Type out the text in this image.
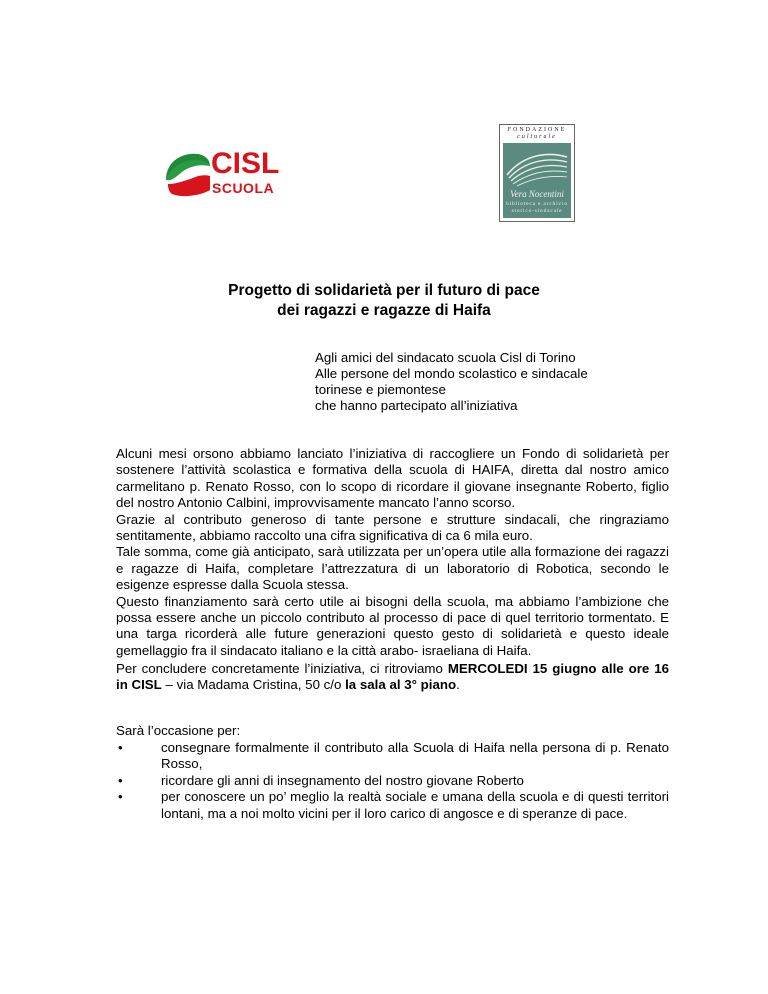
CISL
SCUOLA
FONDAZIONE
culturale
Vera Nocentini
biblioteca e archivio
storico-sindacale
Progetto di solidarietà per il futuro di pace
dei ragazzi e ragazze di Haifa
Agli amici del sindacato scuola Cisl di Torino
Alle persone del mondo scolastico e sindacale
torinese e piemontese
che hanno partecipato all’iniziativa
Alcuni mesi orsono abbiamo lanciato l’iniziativa di raccogliere un Fondo di solidarietà per sostenere l’attività scolastica e formativa della scuola di HAIFA, diretta dal nostro amico carmelitano p. Renato Rosso, con lo scopo di ricordare il giovane insegnante Roberto, figlio del nostro Antonio Calbini, improvvisamente mancato l’anno scorso.
Grazie al contributo generoso di tante persone e strutture sindacali, che ringraziamo sentitamente, abbiamo raccolto una cifra significativa di ca 6 mila euro.
Tale somma, come già anticipato, sarà utilizzata per un’opera utile alla formazione dei ragazzi e ragazze di Haifa, completare l’attrezzatura di un laboratorio di Robotica, secondo le esigenze espresse dalla Scuola stessa.
Questo finanziamento sarà certo utile ai bisogni della scuola, ma abbiamo l’ambizione che possa essere anche un piccolo contributo al processo di pace di quel territorio tormentato. E una targa ricorderà alle future generazioni questo gesto di solidarietà e questo ideale gemellaggio fra il sindacato italiano e la città arabo- israeliana di Haifa.

Per concludere concretamente l’iniziativa, ci ritroviamo MERCOLEDI 15 giugno alle ore 16 in CISL – via Madama Cristina, 50 c/o la sala al 3° piano.

Sarà l’occasione per:
•	consegnare formalmente il contributo alla Scuola di Haifa nella persona di p. Renato Rosso,
•	ricordare gli anni di insegnamento del nostro giovane Roberto
•	per conoscere un po’ meglio la realtà sociale e umana della scuola e di questi territori lontani, ma a noi molto vicini per il loro carico di angosce e di speranze di pace.
